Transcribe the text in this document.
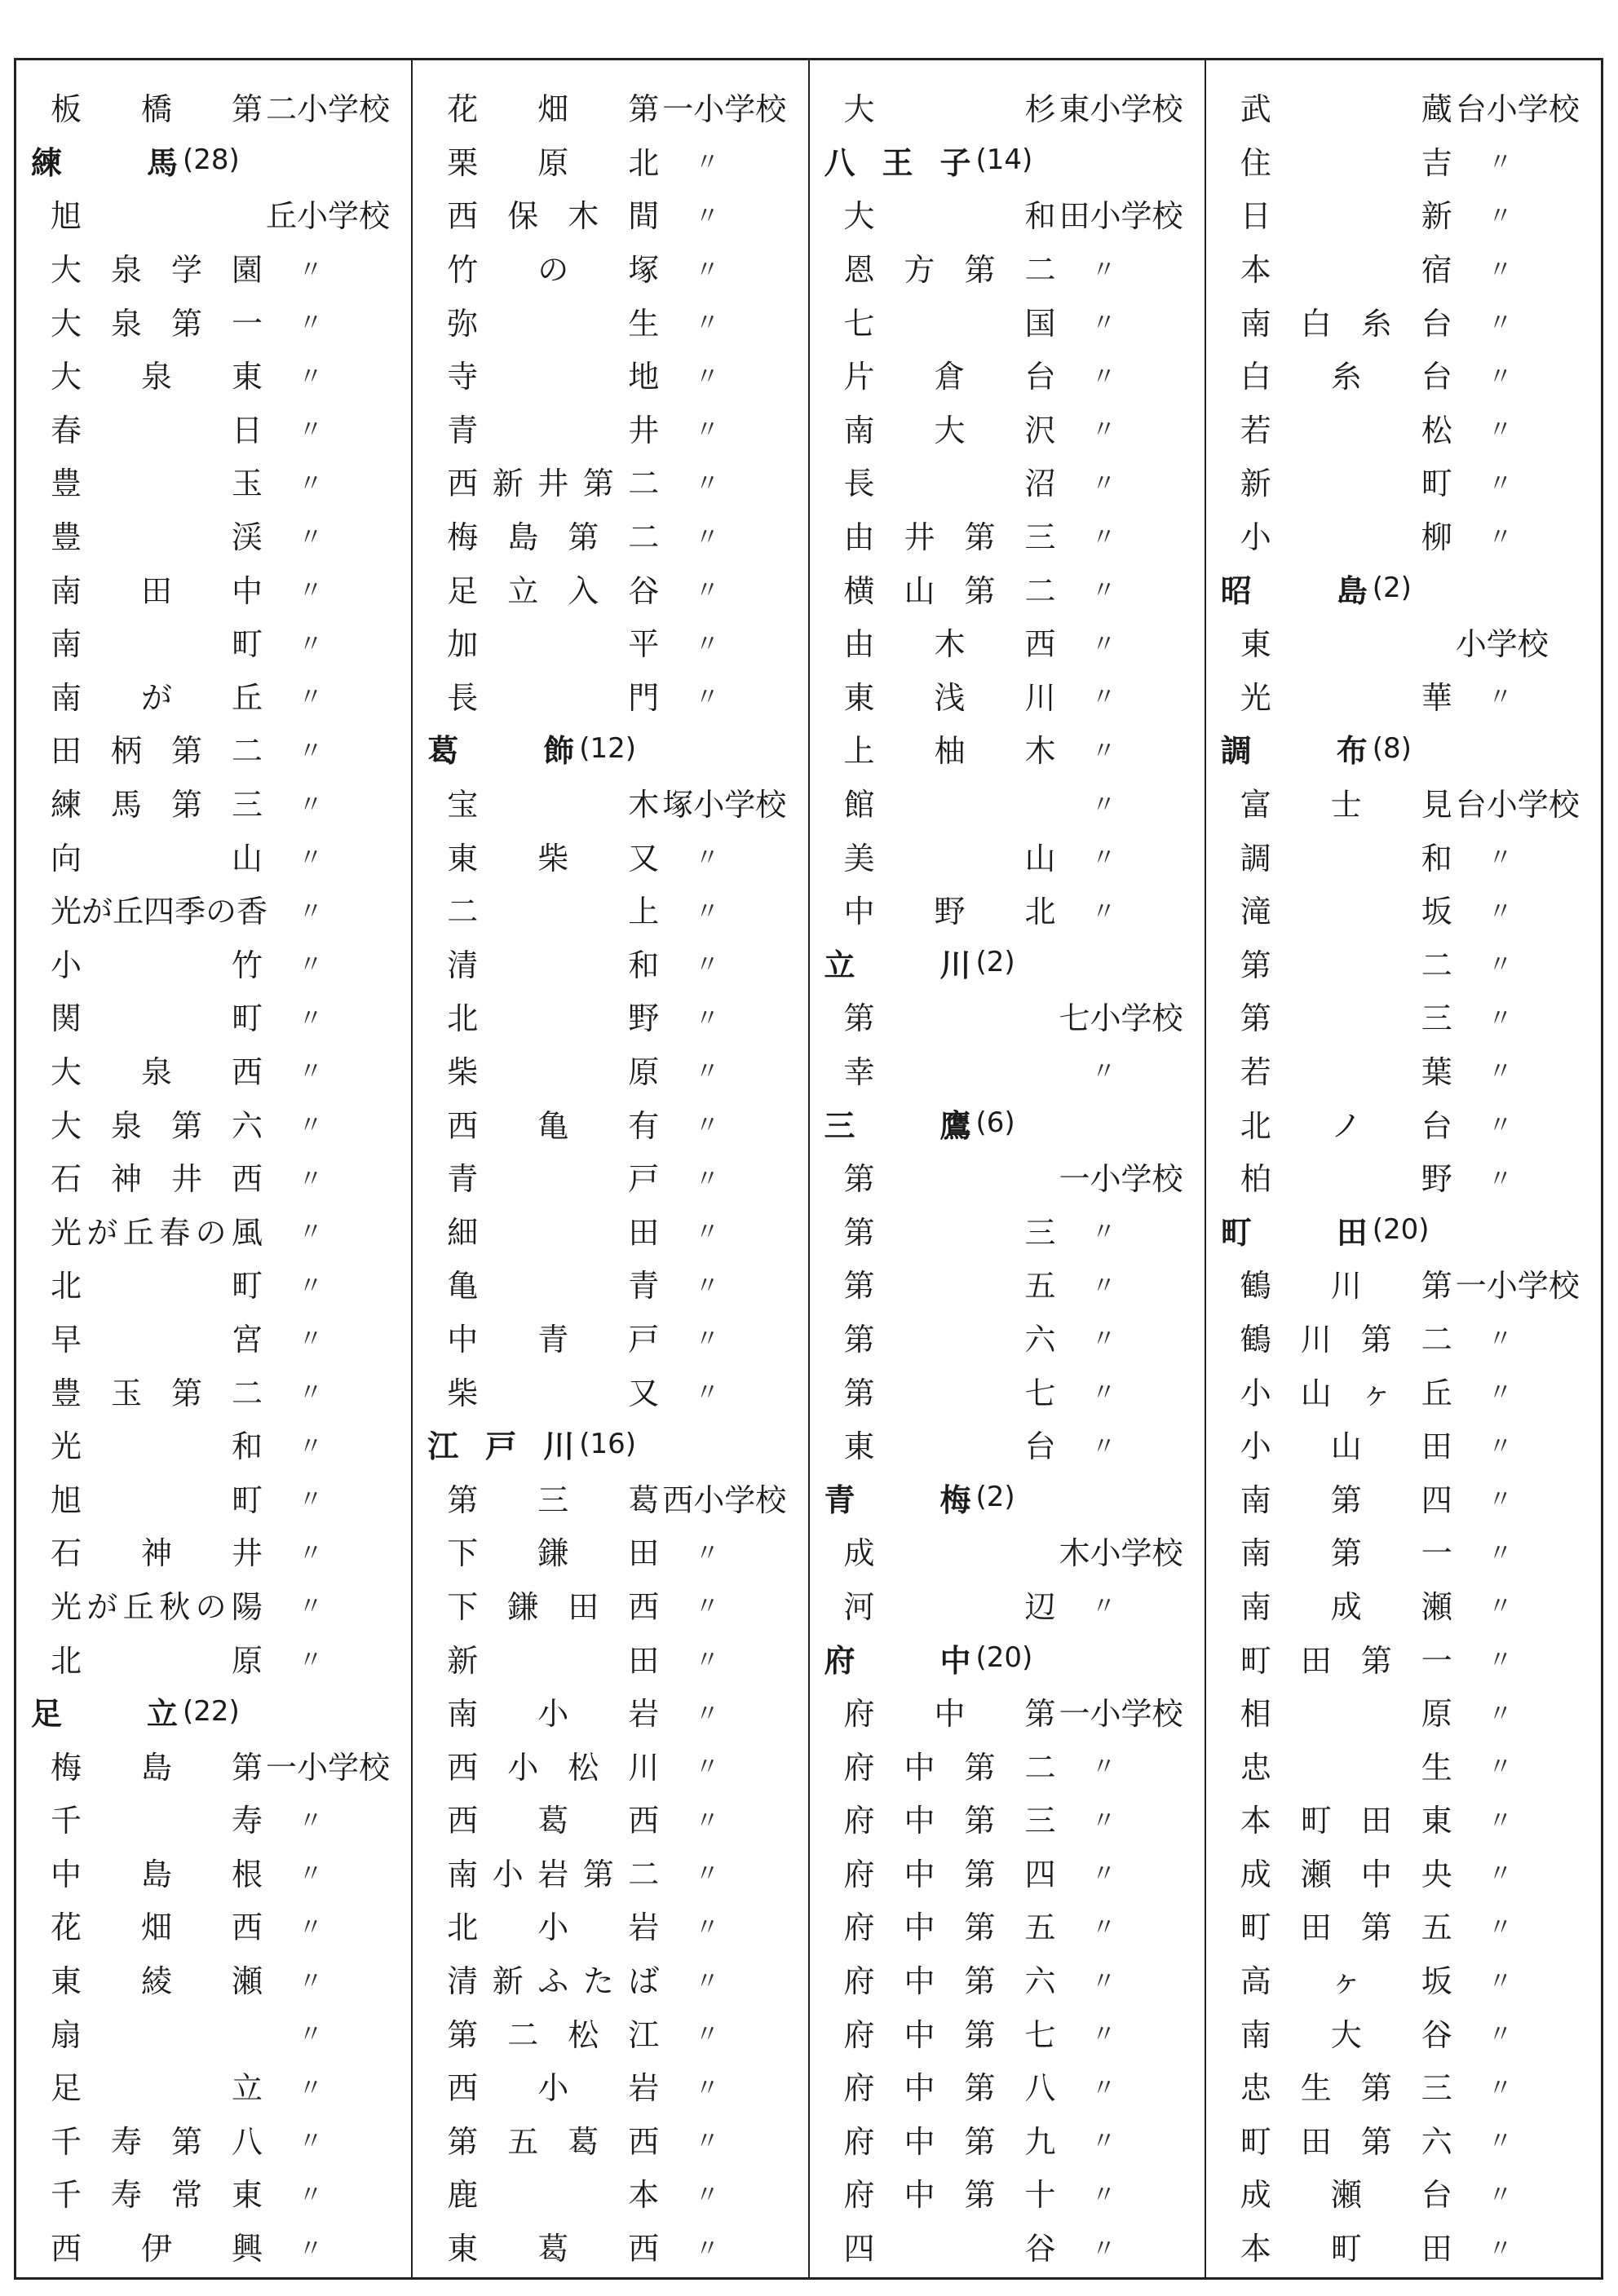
板橋第 二小学校
練馬 (28)
旭	丘小学校
大泉学園 〃
大泉第一 〃
大泉東 〃
春日 〃
豊玉 〃
豊渓 〃
南田中 〃
南町 〃
南が丘 〃
田柄第二 〃
練馬第三 〃
向山 〃
光が丘四季の香 〃
小竹 〃
関町 〃
大泉西 〃
大泉第六 〃
石神井西 〃
光が丘春の風 〃
北町 〃
早宮 〃
豊玉第二 〃
光和 〃
旭町 〃
石神井 〃
光が丘秋の陽 〃
北原 〃
足立 (22)
梅島第 一小学校
千寿 〃
中島根 〃
花畑西 〃
東綾瀬 〃
扇	〃
足立 〃
千寿第八 〃
千寿常東 〃
西伊興 〃
花畑第 一小学校
栗原北 〃
西保木間 〃
竹の塚 〃
弥生 〃
寺地 〃
青井 〃
西新井第二 〃
梅島第二 〃
足立入谷 〃
加平 〃
長門 〃
葛飾 (12)
宝木 塚小学校
東柴又 〃
二上 〃
清和 〃
北野 〃
柴原 〃
西亀有 〃
青戸 〃
細田 〃
亀青 〃
中青戸 〃
柴又 〃
江戸川 (16)
第三葛 西小学校
下鎌田 〃
下鎌田西 〃
新田 〃
南小岩 〃
西小松川 〃
西葛西 〃
南小岩第二 〃
北小岩 〃
清新ふたば 〃
第二松江 〃
西小岩 〃
第五葛西 〃
鹿本 〃
東葛西 〃
大杉 東小学校
八王子 (14)
大和 田小学校
恩方第二 〃
七国 〃
片倉台 〃
南大沢 〃
長沼 〃
由井第三 〃
横山第二 〃
由木西 〃
東浅川 〃
上柚木 〃
館	〃
美山 〃
中野北 〃
立川 (2)
第	七小学校
幸	〃
三鷹 (6)
第	一小学校
第三 〃
第五 〃
第六 〃
第七 〃
東台 〃
青梅 (2)
成	木小学校
河辺 〃
府中 (20)
府中第 一小学校
府中第二 〃
府中第三 〃
府中第四 〃
府中第五 〃
府中第六 〃
府中第七 〃
府中第八 〃
府中第九 〃
府中第十 〃
四谷 〃
武蔵 台小学校
住吉 〃
日新 〃
本宿 〃
南白糸台 〃
白糸台 〃
若松 〃
新町 〃
小柳 〃
昭島 (2)
東	小学校
光華 〃
調布 (8)
富士見 台小学校
調和 〃
滝坂 〃
第二 〃
第三 〃
若葉 〃
北ノ台 〃
柏野 〃
町田 (20)
鶴川第 一小学校
鶴川第二 〃
小山ヶ丘 〃
小山田 〃
南第四 〃
南第一 〃
南成瀬 〃
町田第一 〃
相原 〃
忠生 〃
本町田東 〃
成瀬中央 〃
町田第五 〃
高ヶ坂 〃
南大谷 〃
忠生第三 〃
町田第六 〃
成瀬台 〃
本町田 〃
